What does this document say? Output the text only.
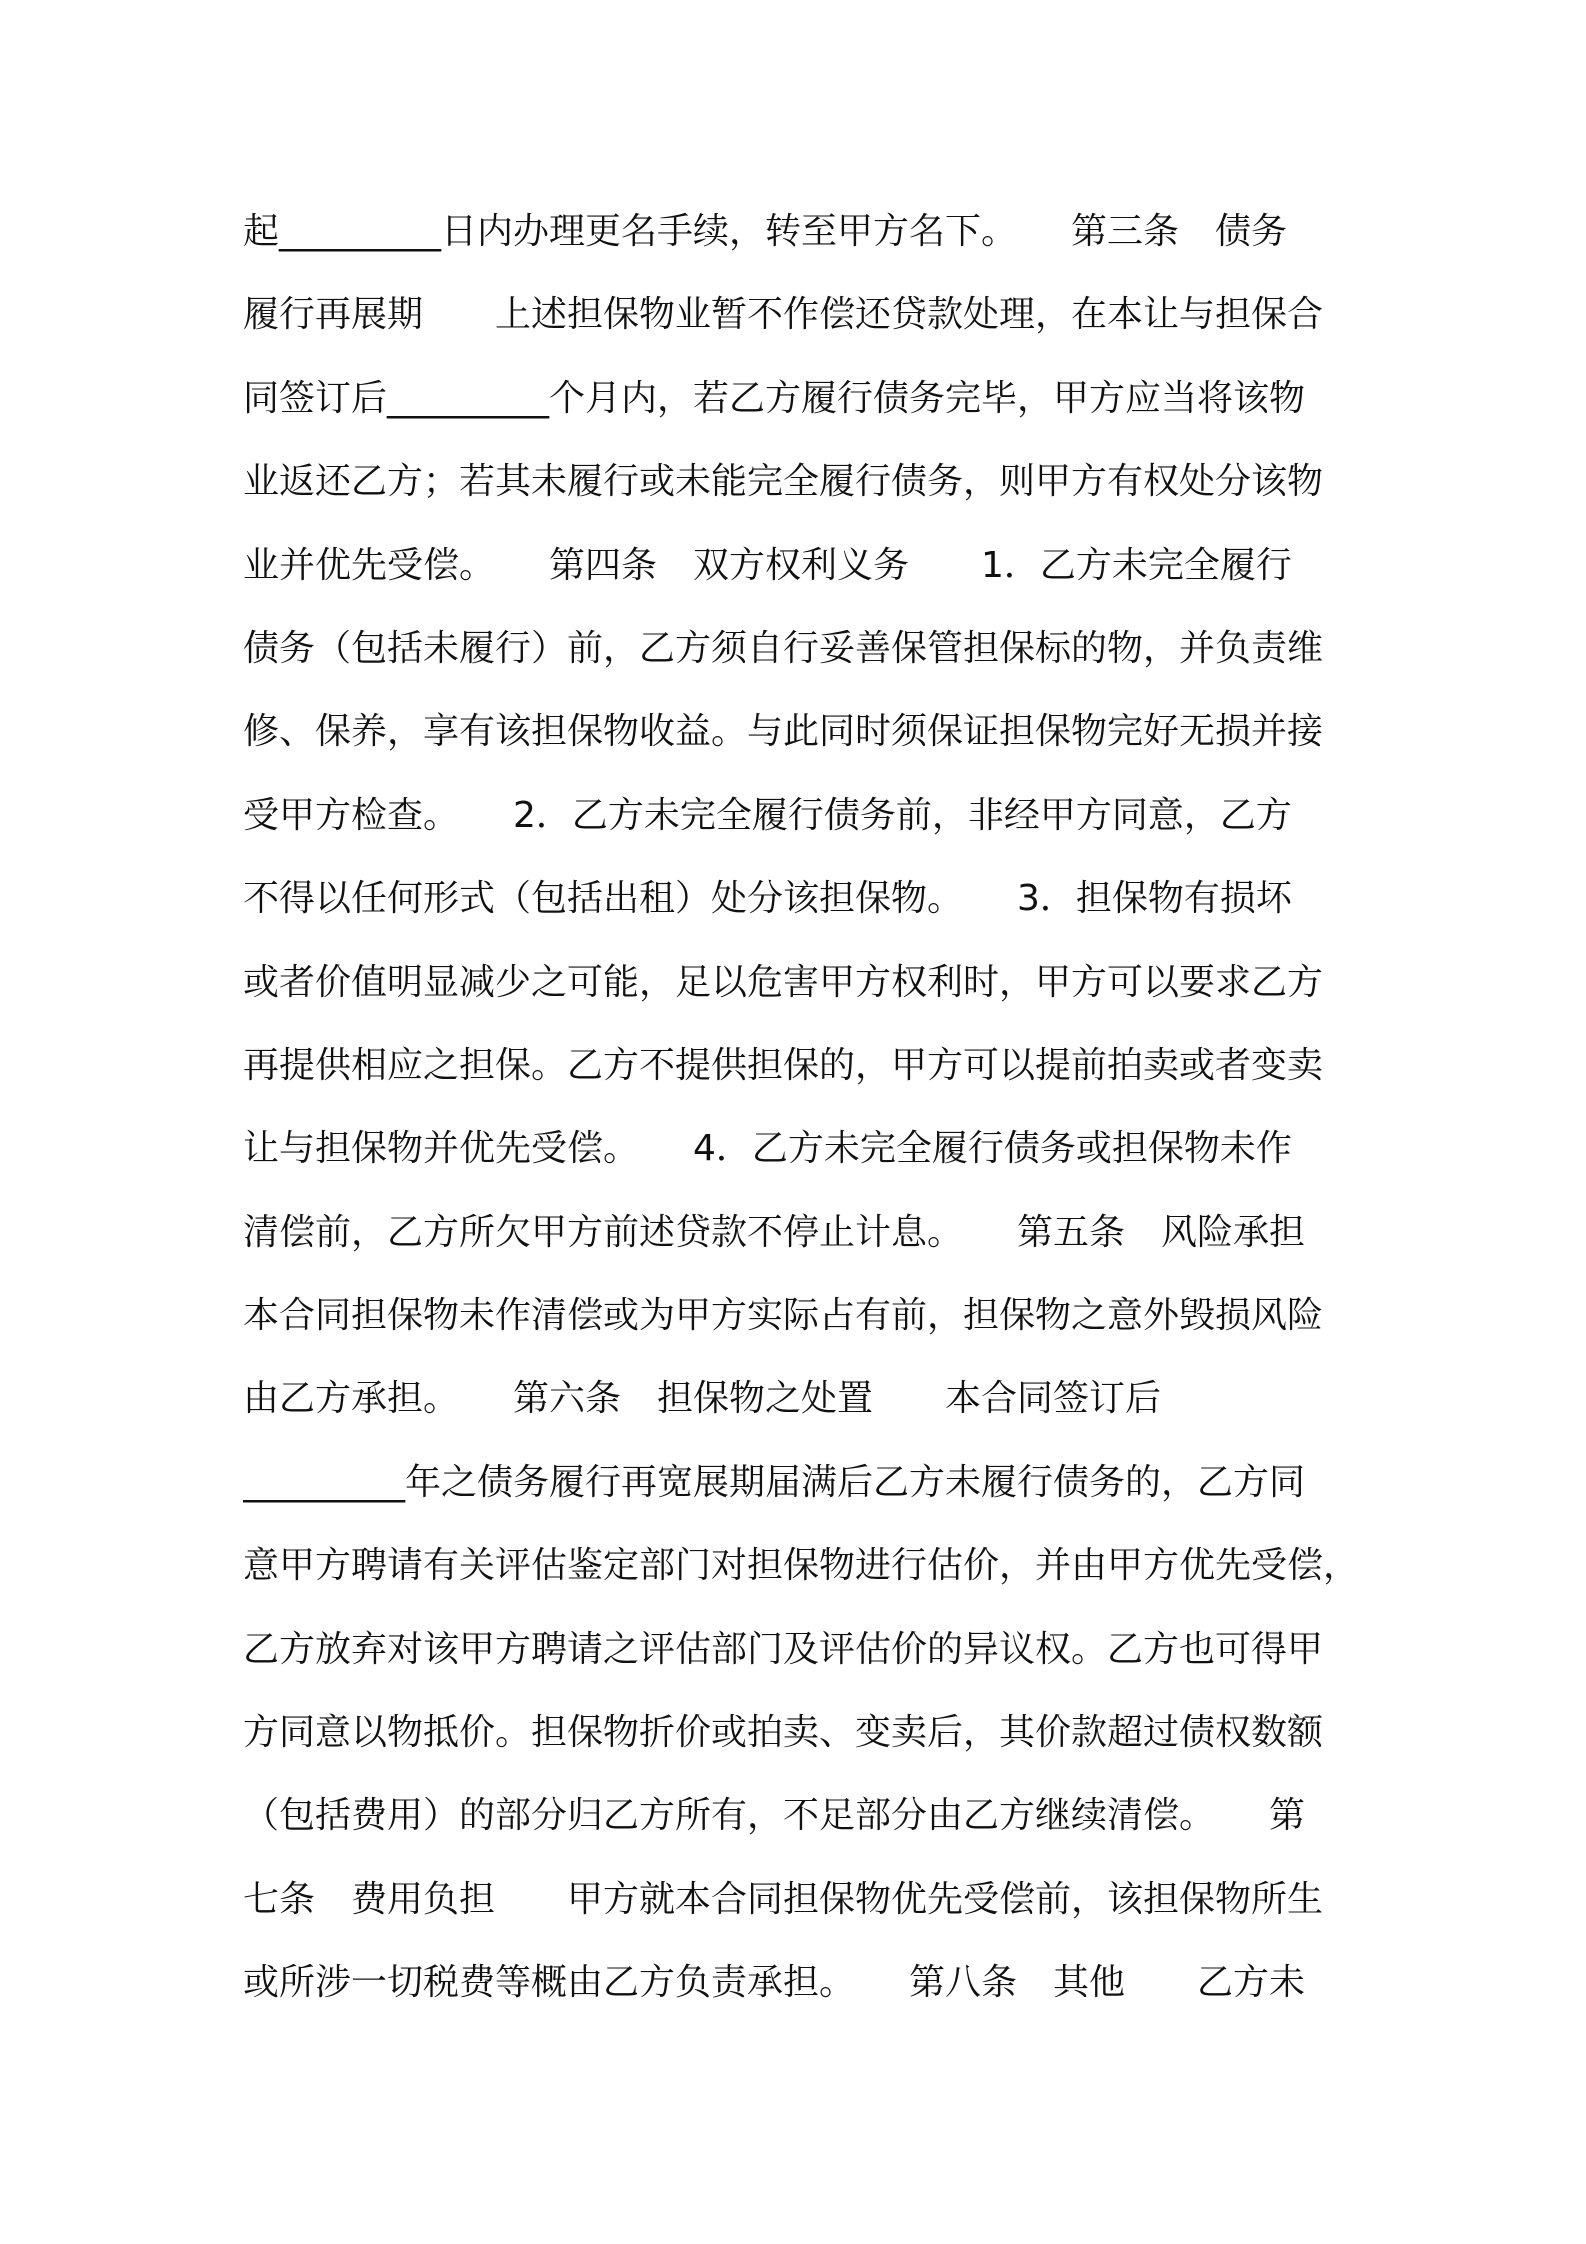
起_________日内办理更名手续，转至甲方名下。　　第三条　债务
履行再展期　　上述担保物业暂不作偿还贷款处理，在本让与担保合
同签订后_________个月内，若乙方履行债务完毕，甲方应当将该物
业返还乙方；若其未履行或未能完全履行债务，则甲方有权处分该物
业并优先受偿。　　第四条　双方权利义务　　1．乙方未完全履行
债务（包括未履行）前，乙方须自行妥善保管担保标的物，并负责维
修、保养，享有该担保物收益。与此同时须保证担保物完好无损并接
受甲方检查。　　2．乙方未完全履行债务前，非经甲方同意，乙方
不得以任何形式（包括出租）处分该担保物。　　3．担保物有损坏
或者价值明显减少之可能，足以危害甲方权利时，甲方可以要求乙方
再提供相应之担保。乙方不提供担保的，甲方可以提前拍卖或者变卖
让与担保物并优先受偿。　　4．乙方未完全履行债务或担保物未作
清偿前，乙方所欠甲方前述贷款不停止计息。　　第五条　风险承担
本合同担保物未作清偿或为甲方实际占有前，担保物之意外毁损风险
由乙方承担。　　第六条　担保物之处置　　本合同签订后
_________年之债务履行再宽展期届满后乙方未履行债务的，乙方同
意甲方聘请有关评估鉴定部门对担保物进行估价，并由甲方优先受偿，
乙方放弃对该甲方聘请之评估部门及评估价的异议权。乙方也可得甲
方同意以物抵价。担保物折价或拍卖、变卖后，其价款超过债权数额
（包括费用）的部分归乙方所有，不足部分由乙方继续清偿。　　第
七条　费用负担　　甲方就本合同担保物优先受偿前，该担保物所生
或所涉一切税费等概由乙方负责承担。　　第八条　其他　　乙方未
